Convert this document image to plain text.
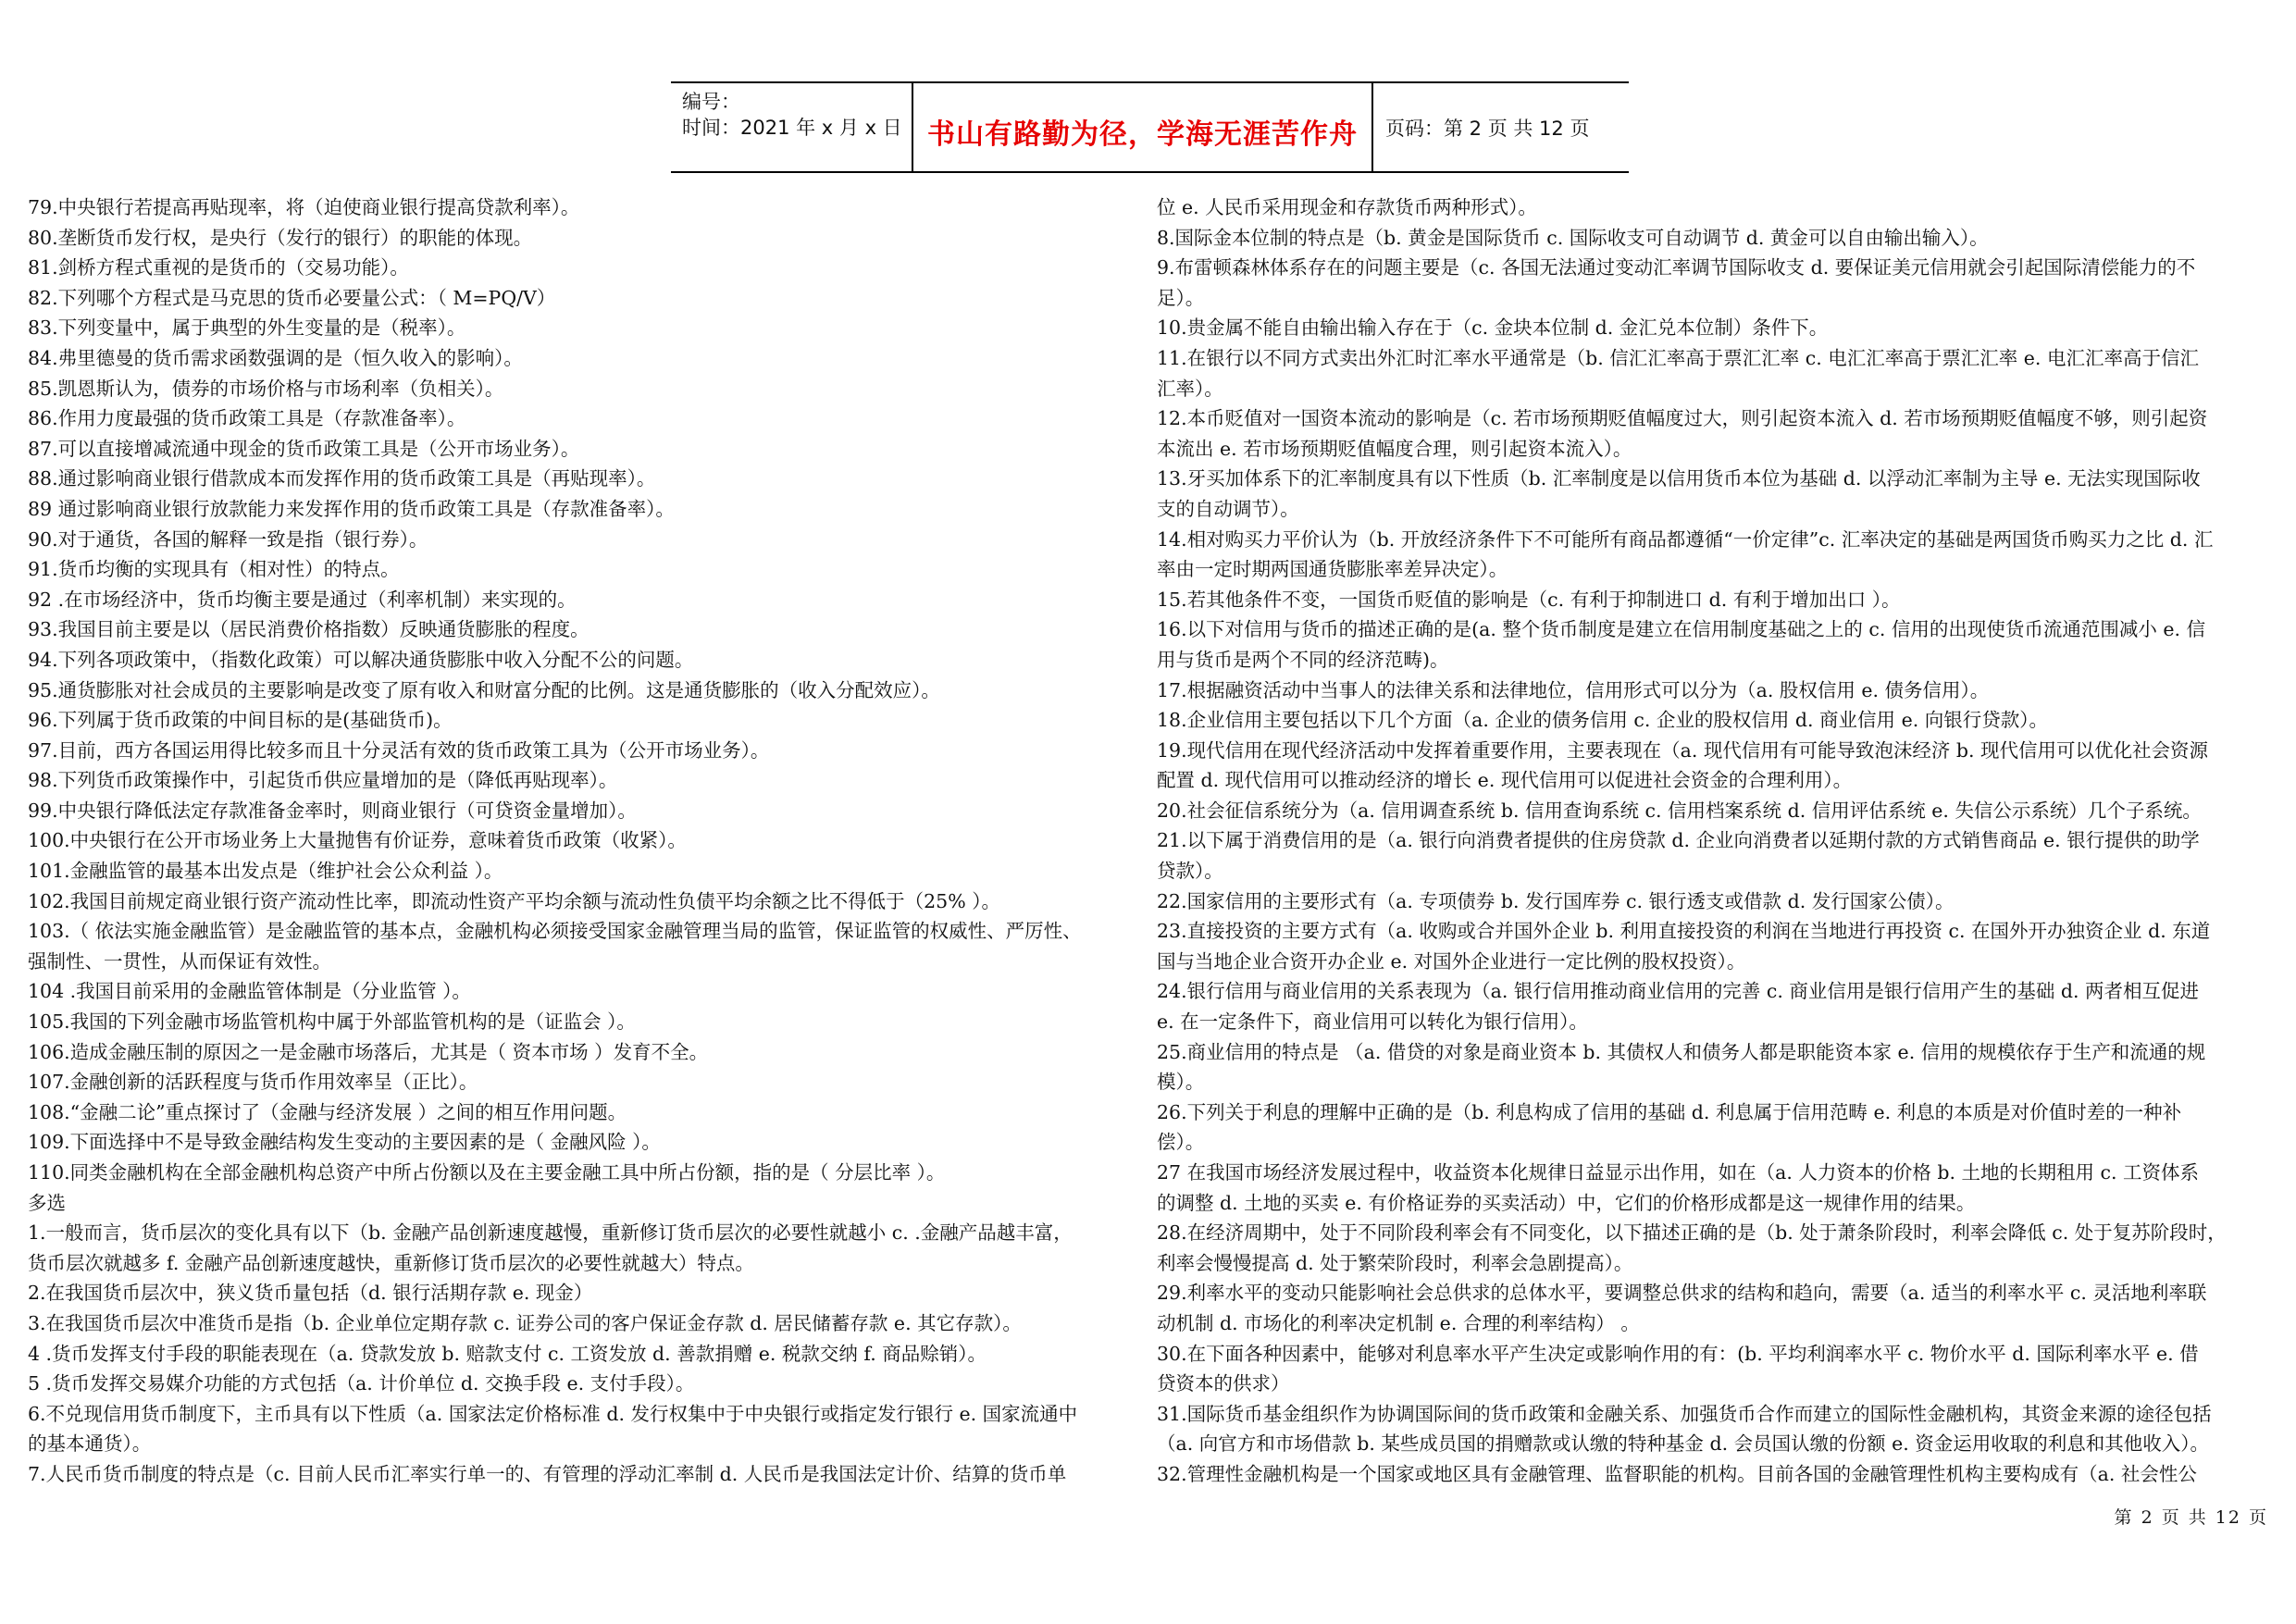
编号：
时间：2021 年 x 月 x 日 书山有路勤为径，学海无涯苦作舟	页码：第 2 页 共 12 页
79.中央银行若提高再贴现率，将（迫使商业银行提高贷款利率）。
80.垄断货币发行权，是央行（发行的银行）的职能的体现。
81.剑桥方程式重视的是货币的（交易功能）。
82.下列哪个方程式是马克思的货币必要量公式：（ M=PQ/V）
83.下列变量中，属于典型的外生变量的是（税率）。
84.弗里德曼的货币需求函数强调的是（恒久收入的影响）。
85.凯恩斯认为，债券的市场价格与市场利率（负相关）。
86.作用力度最强的货币政策工具是（存款准备率）。
87.可以直接增减流通中现金的货币政策工具是（公开市场业务）。
88.通过影响商业银行借款成本而发挥作用的货币政策工具是（再贴现率）。
89 通过影响商业银行放款能力来发挥作用的货币政策工具是（存款准备率）。
90.对于通货，各国的解释一致是指（银行券）。
91.货币均衡的实现具有（相对性）的特点。
92 .在市场经济中，货币均衡主要是通过（利率机制）来实现的。
93.我国目前主要是以（居民消费价格指数）反映通货膨胀的程度。
94.下列各项政策中，（指数化政策）可以解决通货膨胀中收入分配不公的问题。
95.通货膨胀对社会成员的主要影响是改变了原有收入和财富分配的比例。这是通货膨胀的（收入分配效应）。
96.下列属于货币政策的中间目标的是(基础货币)。
97.目前，西方各国运用得比较多而且十分灵活有效的货币政策工具为（公开市场业务）。
98.下列货币政策操作中，引起货币供应量增加的是（降低再贴现率）。
99.中央银行降低法定存款准备金率时，则商业银行（可贷资金量增加）。
100.中央银行在公开市场业务上大量抛售有价证券，意味着货币政策（收紧）。
101.金融监管的最基本出发点是（维护社会公众利益 ）。
102.我国目前规定商业银行资产流动性比率，即流动性资产平均余额与流动性负债平均余额之比不得低于（25% ）。
103.（ 依法实施金融监管）是金融监管的基本点，金融机构必须接受国家金融管理当局的监管，保证监管的权威性、严厉性、
强制性、一贯性，从而保证有效性。
104 .我国目前采用的金融监管体制是（分业监管 ）。
105.我国的下列金融市场监管机构中属于外部监管机构的是（证监会 ）。
106.造成金融压制的原因之一是金融市场落后，尤其是（ 资本市场 ）发育不全。
107.金融创新的活跃程度与货币作用效率呈（正比）。
108.“金融二论”重点探讨了（金融与经济发展 ）之间的相互作用问题。
109.下面选择中不是导致金融结构发生变动的主要因素的是（ 金融风险 ）。
110.同类金融机构在全部金融机构总资产中所占份额以及在主要金融工具中所占份额，指的是（ 分层比率 ）。
多选
1.一般而言，货币层次的变化具有以下（b. 金融产品创新速度越慢，重新修订货币层次的必要性就越小 c. .金融产品越丰富，
货币层次就越多 f. 金融产品创新速度越快，重新修订货币层次的必要性就越大）特点。
2.在我国货币层次中，狭义货币量包括（d. 银行活期存款 e. 现金）
3.在我国货币层次中准货币是指（b. 企业单位定期存款 c. 证券公司的客户保证金存款 d. 居民储蓄存款 e. 其它存款）。
4 .货币发挥支付手段的职能表现在（a. 贷款发放 b. 赔款支付 c. 工资发放 d. 善款捐赠 e. 税款交纳 f. 商品赊销）。
5 .货币发挥交易媒介功能的方式包括（a. 计价单位 d. 交换手段 e. 支付手段）。
6.不兑现信用货币制度下，主币具有以下性质（a. 国家法定价格标准 d. 发行权集中于中央银行或指定发行银行 e. 国家流通中
的基本通货）。
7.人民币货币制度的特点是（c. 目前人民币汇率实行单一的、有管理的浮动汇率制 d. 人民币是我国法定计价、结算的货币单
位 e. 人民币采用现金和存款货币两种形式）。
8.国际金本位制的特点是（b. 黄金是国际货币 c. 国际收支可自动调节 d. 黄金可以自由输出输入）。
9.布雷顿森林体系存在的问题主要是（c. 各国无法通过变动汇率调节国际收支 d. 要保证美元信用就会引起国际清偿能力的不
足）。
10.贵金属不能自由输出输入存在于（c. 金块本位制 d. 金汇兑本位制）条件下。
11.在银行以不同方式卖出外汇时汇率水平通常是（b. 信汇汇率高于票汇汇率 c. 电汇汇率高于票汇汇率 e. 电汇汇率高于信汇
汇率）。
12.本币贬值对一国资本流动的影响是（c. 若市场预期贬值幅度过大，则引起资本流入 d. 若市场预期贬值幅度不够，则引起资
本流出 e. 若市场预期贬值幅度合理，则引起资本流入）。
13.牙买加体系下的汇率制度具有以下性质（b. 汇率制度是以信用货币本位为基础 d. 以浮动汇率制为主导 e. 无法实现国际收
支的自动调节）。
14.相对购买力平价认为（b. 开放经济条件下不可能所有商品都遵循“一价定律”c. 汇率决定的基础是两国货币购买力之比 d. 汇
率由一定时期两国通货膨胀率差异决定）。
15.若其他条件不变，一国货币贬值的影响是（c. 有利于抑制进口 d. 有利于增加出口 ）。
16.以下对信用与货币的描述正确的是(a. 整个货币制度是建立在信用制度基础之上的 c. 信用的出现使货币流通范围减小 e. 信
用与货币是两个不同的经济范畴)。
17.根据融资活动中当事人的法律关系和法律地位，信用形式可以分为（a. 股权信用 e. 债务信用）。
18.企业信用主要包括以下几个方面（a. 企业的债务信用 c. 企业的股权信用 d. 商业信用 e. 向银行贷款）。
19.现代信用在现代经济活动中发挥着重要作用，主要表现在（a. 现代信用有可能导致泡沫经济 b. 现代信用可以优化社会资源
配置 d. 现代信用可以推动经济的增长 e. 现代信用可以促进社会资金的合理利用）。
20.社会征信系统分为（a. 信用调查系统 b. 信用查询系统 c. 信用档案系统 d. 信用评估系统 e. 失信公示系统）几个子系统。
21.以下属于消费信用的是（a. 银行向消费者提供的住房贷款 d. 企业向消费者以延期付款的方式销售商品 e. 银行提供的助学
贷款）。
22.国家信用的主要形式有（a. 专项债券 b. 发行国库券 c. 银行透支或借款 d. 发行国家公债）。
23.直接投资的主要方式有（a. 收购或合并国外企业 b. 利用直接投资的利润在当地进行再投资 c. 在国外开办独资企业 d. 东道
国与当地企业合资开办企业 e. 对国外企业进行一定比例的股权投资）。
24.银行信用与商业信用的关系表现为（a. 银行信用推动商业信用的完善 c. 商业信用是银行信用产生的基础 d. 两者相互促进
e. 在一定条件下，商业信用可以转化为银行信用）。
25.商业信用的特点是 （a. 借贷的对象是商业资本 b. 其债权人和债务人都是职能资本家 e. 信用的规模依存于生产和流通的规
模）。
26.下列关于利息的理解中正确的是（b. 利息构成了信用的基础 d. 利息属于信用范畴 e. 利息的本质是对价值时差的一种补
偿）。
27 在我国市场经济发展过程中，收益资本化规律日益显示出作用，如在（a. 人力资本的价格 b. 土地的长期租用 c. 工资体系
的调整 d. 土地的买卖 e. 有价格证券的买卖活动）中，它们的价格形成都是这一规律作用的结果。
28.在经济周期中，处于不同阶段利率会有不同变化，以下描述正确的是（b. 处于萧条阶段时，利率会降低 c. 处于复苏阶段时，
利率会慢慢提高 d. 处于繁荣阶段时，利率会急剧提高）。
29.利率水平的变动只能影响社会总供求的总体水平，要调整总供求的结构和趋向，需要（a. 适当的利率水平 c. 灵活地利率联
动机制 d. 市场化的利率决定机制 e. 合理的利率结构） 。
30.在下面各种因素中，能够对利息率水平产生决定或影响作用的有：(b. 平均利润率水平 c. 物价水平 d. 国际利率水平 e. 借
贷资本的供求）
31.国际货币基金组织作为协调国际间的货币政策和金融关系、加强货币合作而建立的国际性金融机构，其资金来源的途径包括
（a. 向官方和市场借款 b. 某些成员国的捐赠款或认缴的特种基金 d. 会员国认缴的份额 e. 资金运用收取的利息和其他收入）。
32.管理性金融机构是一个国家或地区具有金融管理、监督职能的机构。目前各国的金融管理性机构主要构成有（a. 社会性公
第 2 页 共 12 页
